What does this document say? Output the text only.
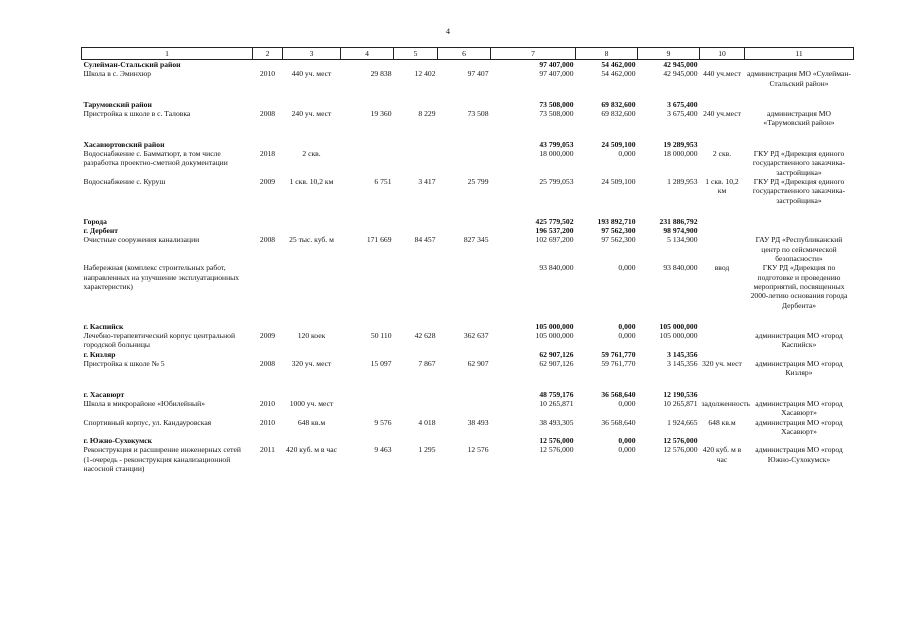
4
1	2	3	4	5	6	7	8	9	10	11
Сулейман-Стальский район						97 407,000	54 462,000	42 945,000		
Школа в с. Эминхюр	2010	440 уч. мест	29 838	12 402	97 407	97 407,000	54 462,000	42 945,000	440 уч.мест	администрация МО «Сулейман-Стальский район»

Тарумовский район						73 508,000	69 832,600	3 675,400		
Пристройка к школе в с. Таловка	2008	240 уч. мест	19 360	8 229	73 508	73 508,000	69 832,600	3 675,400	240 уч.мест	администрация МО «Тарумовский район»

Хасавюртовский район						43 799,053	24 509,100	19 289,953		
Водоснабжение с. Бамматюрт, в том числе разработка проектно-сметной документации	2018	2 скв.				18 000,000	0,000	18 000,000	2 скв.	ГКУ РД «Дирекция единого государственного заказчика-застройщика»
Водоснабжение с. Куруш	2009	1 скв. 10,2 км	6 751	3 417	25 799	25 799,053	24 509,100	1 289,953	1 скв. 10,2 км	ГКУ РД «Дирекция единого государственного заказчика-застройщика»

Города						425 779,502	193 892,710	231 886,792		
г. Дербент						196 537,200	97 562,300	98 974,900		
Очистные сооружения канализации	2008	25 тыс. куб. м	171 669	84 457	827 345	102 697,200	97 562,300	5 134,900		ГАУ РД «Республиканский центр по сейсмической безопасности»
Набережная (комплекс строительных работ, направленных на улучшение эксплуатационных характеристик)						93 840,000	0,000	93 840,000	ввод	ГКУ РД «Дирекция по подготовке и проведению мероприятий, посвященных 2000-летию основания города Дербента»

г. Каспийск						105 000,000	0,000	105 000,000		
Лечебно-терапевтический корпус центральной городской больницы	2009	120 коек	50 110	42 628	362 637	105 000,000	0,000	105 000,000		администрация МО «город Каспийск»
г. Кизляр						62 907,126	59 761,770	3 145,356		
Пристройка к школе № 5	2008	320 уч. мест	15 097	7 867	62 907	62 907,126	59 761,770	3 145,356	320 уч. мест	администрация МО «город Кизляр»

г. Хасавюрт						48 759,176	36 568,640	12 190,536		
Школа в микрорайоне «Юбилейный»	2010	1000 уч. мест				10 265,871	0,000	10 265,871	задолженность	администрация МО «город Хасавюрт»
Спортивный корпус, ул. Кандауровская	2010	648 кв.м	9 576	4 018	38 493	38 493,305	36 568,640	1 924,665	648 кв.м	администрация МО «город Хасавюрт»
г. Южно-Сухокумск						12 576,000	0,000	12 576,000		
Реконструкция и расширение инженерных сетей (1-очередь - реконструкция канализационной насосной станции)	2011	420 куб. м в час	9 463	1 295	12 576	12 576,000	0,000	12 576,000	420 куб. м в час	администрация МО «город Южно-Сухокумск»
